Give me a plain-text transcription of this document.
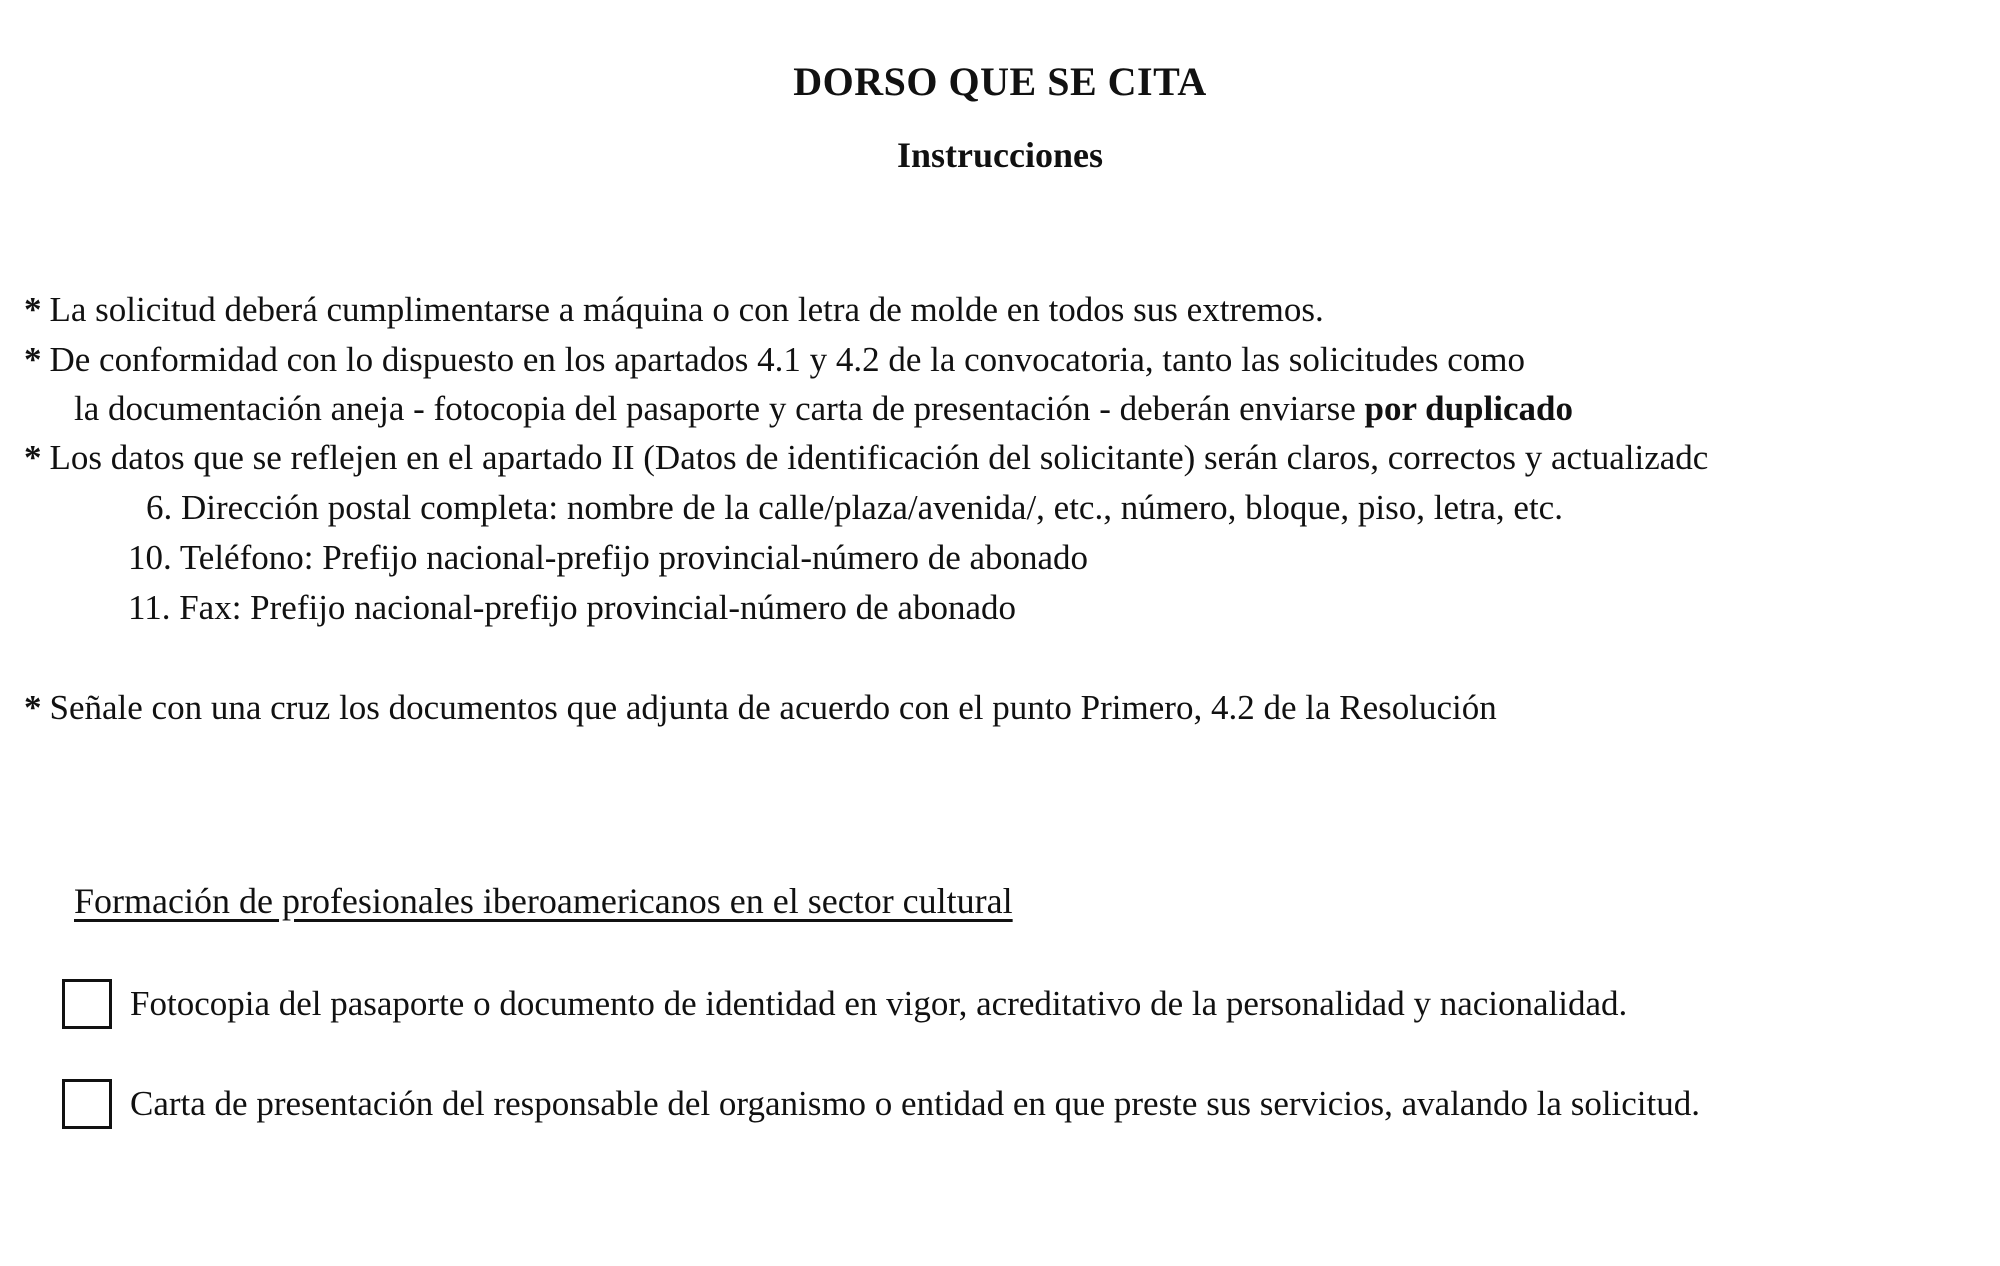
DORSO QUE SE CITA
Instrucciones
* La solicitud deberá cumplimentarse a máquina o con letra de molde en todos sus extremos.
* De conformidad con lo dispuesto en los apartados 4.1 y 4.2 de la convocatoria, tanto las solicitudes como
la documentación aneja - fotocopia del pasaporte y carta de presentación - deberán enviarse por duplicado
* Los datos que se reflejen en el apartado II (Datos de identificación del solicitante) serán claros, correctos y actualizadc
6. Dirección postal completa: nombre de la calle/plaza/avenida/, etc., número, bloque, piso, letra, etc.
10. Teléfono: Prefijo nacional-prefijo provincial-número de abonado
11. Fax: Prefijo nacional-prefijo provincial-número de abonado
* Señale con una cruz los documentos que adjunta de acuerdo con el punto Primero, 4.2 de la Resolución
Formación de profesionales iberoamericanos en el sector cultural
Fotocopia del pasaporte o documento de identidad en vigor, acreditativo de la personalidad y nacionalidad.
Carta de presentación del responsable del organismo o entidad en que preste sus servicios, avalando la solicitud.
